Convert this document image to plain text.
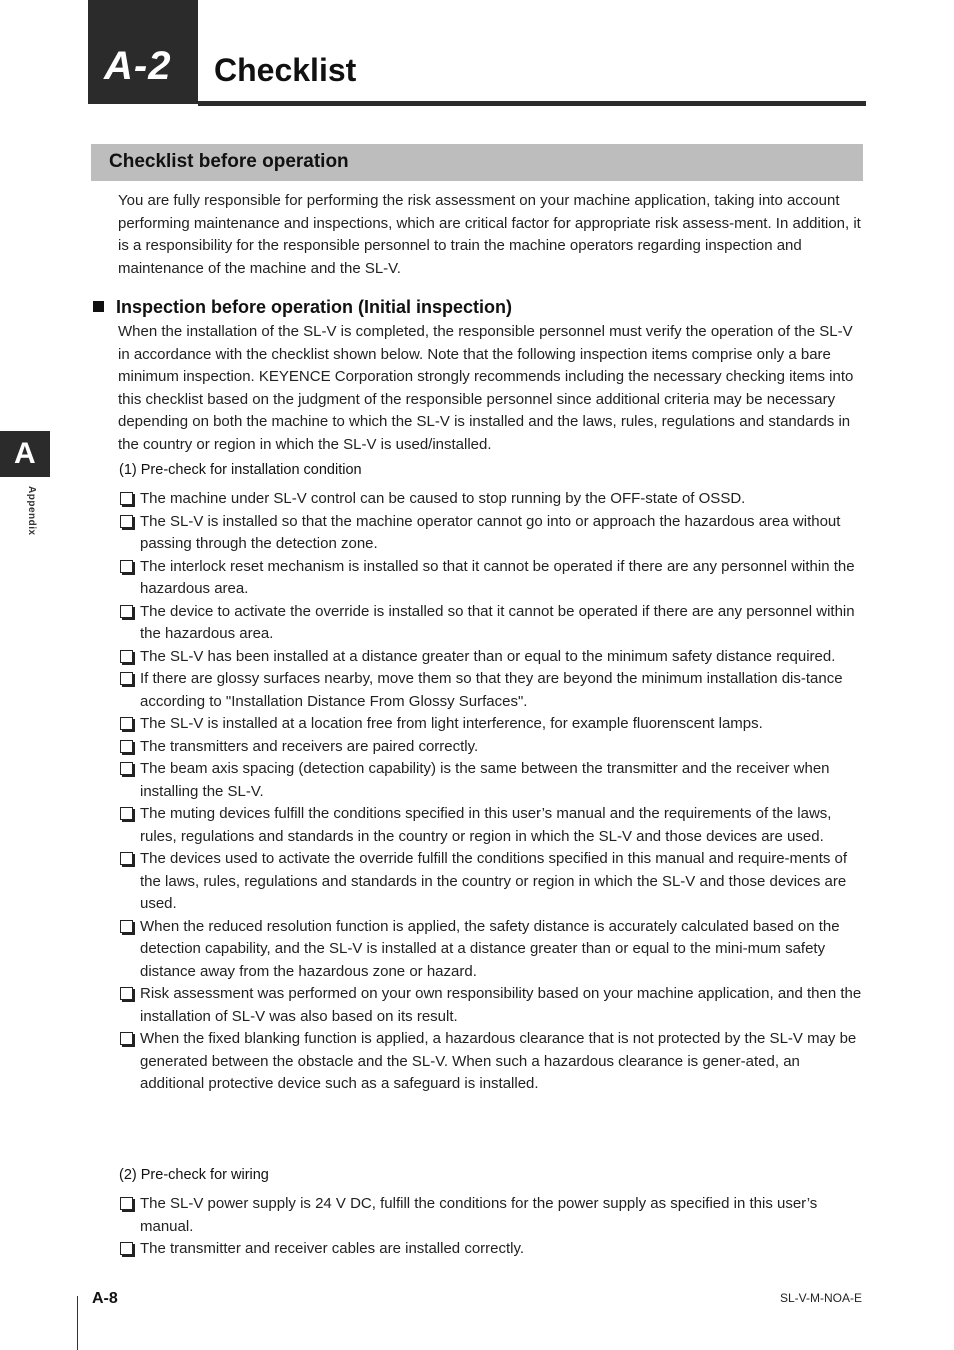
A-2 Checklist
Checklist before operation

You are fully responsible for performing the risk assessment on your machine application, taking into account performing maintenance and inspections, which are critical factor for appropriate risk assess-ment. In addition, it is a responsibility for the responsible personnel to train the machine operators regarding inspection and maintenance of the machine and the SL-V.

Inspection before operation (Initial inspection)

When the installation of the SL-V is completed, the responsible personnel must verify the operation of the SL-V in accordance with the checklist shown below. Note that the following inspection items comprise only a bare minimum inspection. KEYENCE Corporation strongly recommends including the necessary checking items into this checklist based on the judgment of the responsible personnel since additional criteria may be necessary depending on both the machine to which the SL-V is installed and the laws, rules, regulations and standards in the country or region in which the SL-V is used/installed.

(1) Pre-check for installation condition
The machine under SL-V control can be caused to stop running by the OFF-state of OSSD.
The SL-V is installed so that the machine operator cannot go into or approach the hazardous area without passing through the detection zone.
The interlock reset mechanism is installed so that it cannot be operated if there are any personnel within the hazardous area.
The device to activate the override is installed so that it cannot be operated if there are any personnel within the hazardous area.
The SL-V has been installed at a distance greater than or equal to the minimum safety distance required.
If there are glossy surfaces nearby, move them so that they are beyond the minimum installation dis-tance according to "Installation Distance From Glossy Surfaces".
The SL-V is installed at a location free from light interference, for example fluorenscent lamps.
The transmitters and receivers are paired correctly.
The beam axis spacing (detection capability) is the same between the transmitter and the receiver when installing the SL-V.
The muting devices fulfill the conditions specified in this user’s manual and the requirements of the laws, rules, regulations and standards in the country or region in which the SL-V and those devices are used.
The devices used to activate the override fulfill the conditions specified in this manual and require-ments of the laws, rules, regulations and standards in the country or region in which the SL-V and those devices are used.
When the reduced resolution function is applied, the safety distance is accurately calculated based on the detection capability, and the SL-V is installed at a distance greater than or equal to the mini-mum safety distance away from the hazardous zone or hazard.
Risk assessment was performed on your own responsibility based on your machine application, and then the installation of SL-V was also based on its result.
When the fixed blanking function is applied, a hazardous clearance that is not protected by the SL-V may be generated between the obstacle and the SL-V. When such a hazardous clearance is gener-ated, an additional protective device such as a safeguard is installed.
(2) Pre-check for wiring
The SL-V power supply is 24 V DC, fulfill the conditions for the power supply as specified in this user’s manual.
The transmitter and receiver cables are installed correctly.
A
Appendix
A-8	SL-V-M-NOA-E
